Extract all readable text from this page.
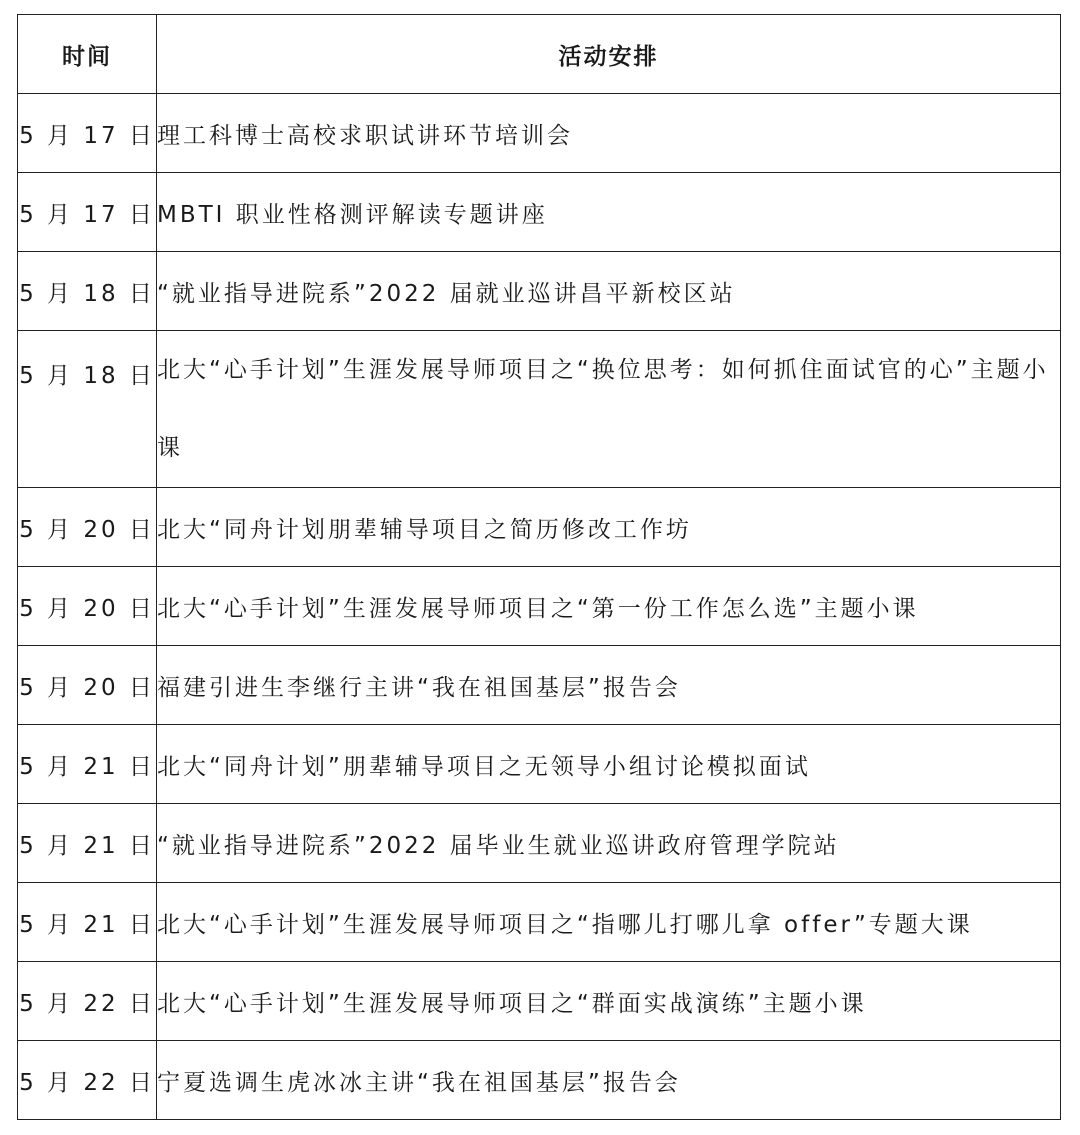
时间	活动安排
5 月 17 日	理工科博士高校求职试讲环节培训会
5 月 17 日	MBTI 职业性格测评解读专题讲座
5 月 18 日	“就业指导进院系”2022 届就业巡讲昌平新校区站
5 月 18 日	北大“心手计划”生涯发展导师项目之“换位思考：如何抓住面试官的心”主题小课
5 月 20 日	北大“同舟计划朋辈辅导项目之简历修改工作坊
5 月 20 日	北大“心手计划”生涯发展导师项目之“第一份工作怎么选”主题小课
5 月 20 日	福建引进生李继行主讲“我在祖国基层”报告会
5 月 21 日	北大“同舟计划”朋辈辅导项目之无领导小组讨论模拟面试
5 月 21 日	“就业指导进院系”2022 届毕业生就业巡讲政府管理学院站
5 月 21 日	北大“心手计划”生涯发展导师项目之“指哪儿打哪儿拿 offer”专题大课
5 月 22 日	北大“心手计划”生涯发展导师项目之“群面实战演练”主题小课
5 月 22 日	宁夏选调生虎冰冰主讲“我在祖国基层”报告会
